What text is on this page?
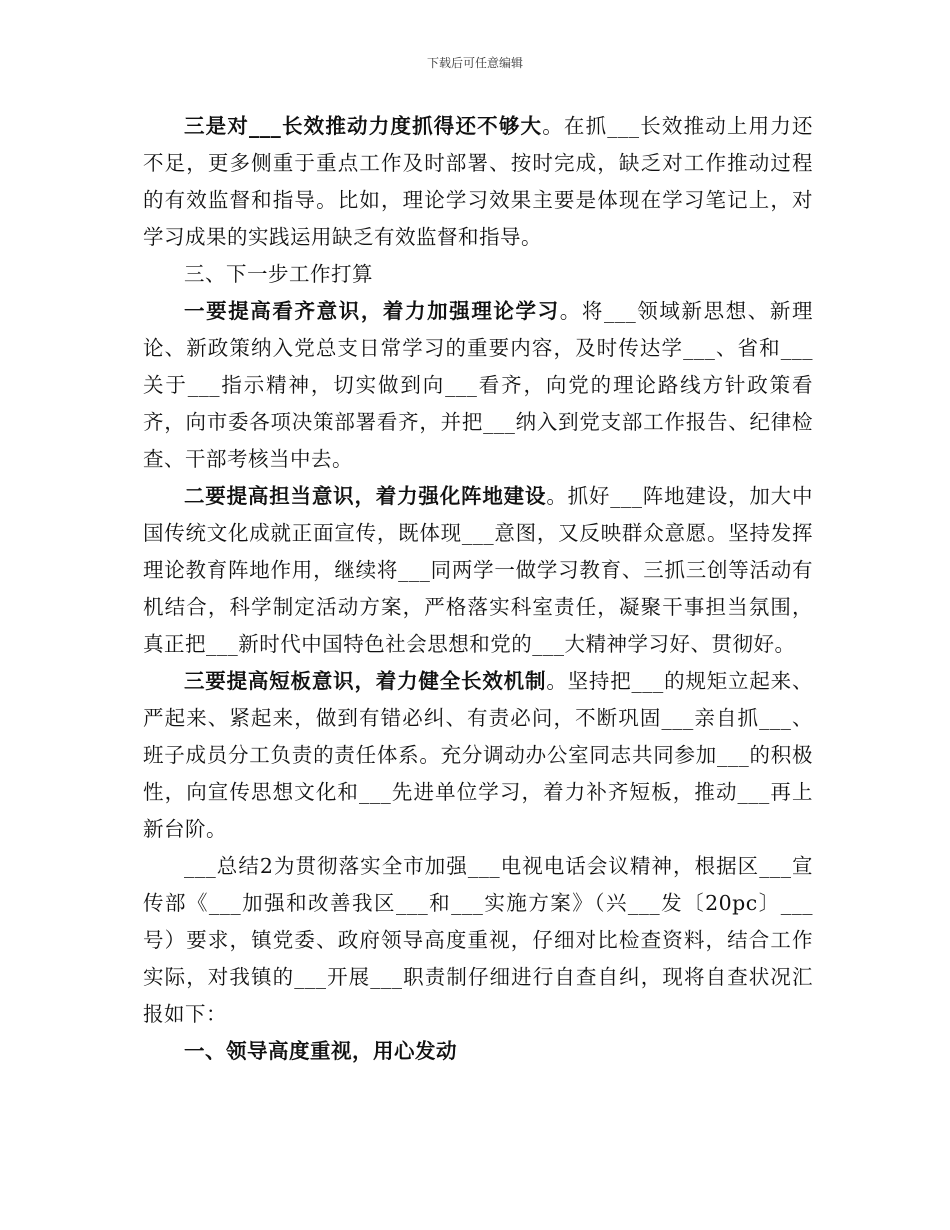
下载后可任意编辑

三是对___长效推动力度抓得还不够大。在抓___长效推动上用力还不足，更多侧重于重点工作及时部署、按时完成，缺乏对工作推动过程的有效监督和指导。比如，理论学习效果主要是体现在学习笔记上，对学习成果的实践运用缺乏有效监督和指导。

三、下一步工作打算

一要提高看齐意识，着力加强理论学习。将___领域新思想、新理论、新政策纳入党总支日常学习的重要内容，及时传达学___、省和___关于___指示精神，切实做到向___看齐，向党的理论路线方针政策看齐，向市委各项决策部署看齐，并把___纳入到党支部工作报告、纪律检查、干部考核当中去。

二要提高担当意识，着力强化阵地建设。抓好___阵地建设，加大中国传统文化成就正面宣传，既体现___意图，又反映群众意愿。坚持发挥理论教育阵地作用，继续将___同两学一做学习教育、三抓三创等活动有机结合，科学制定活动方案，严格落实科室责任，凝聚干事担当氛围，真正把___新时代中国特色社会思想和党的___大精神学习好、贯彻好。

三要提高短板意识，着力健全长效机制。坚持把___的规矩立起来、严起来、紧起来，做到有错必纠、有责必问，不断巩固___亲自抓___、班子成员分工负责的责任体系。充分调动办公室同志共同参加___的积极性，向宣传思想文化和___先进单位学习，着力补齐短板，推动___再上新台阶。

___总结2为贯彻落实全市加强___电视电话会议精神，根据区___宣传部《___加强和改善我区___和___实施方案》（兴___发〔20pc〕___号）要求，镇党委、政府领导高度重视，仔细对比检查资料，结合工作实际，对我镇的___开展___职责制仔细进行自查自纠，现将自查状况汇报如下：

一、领导高度重视，用心发动
